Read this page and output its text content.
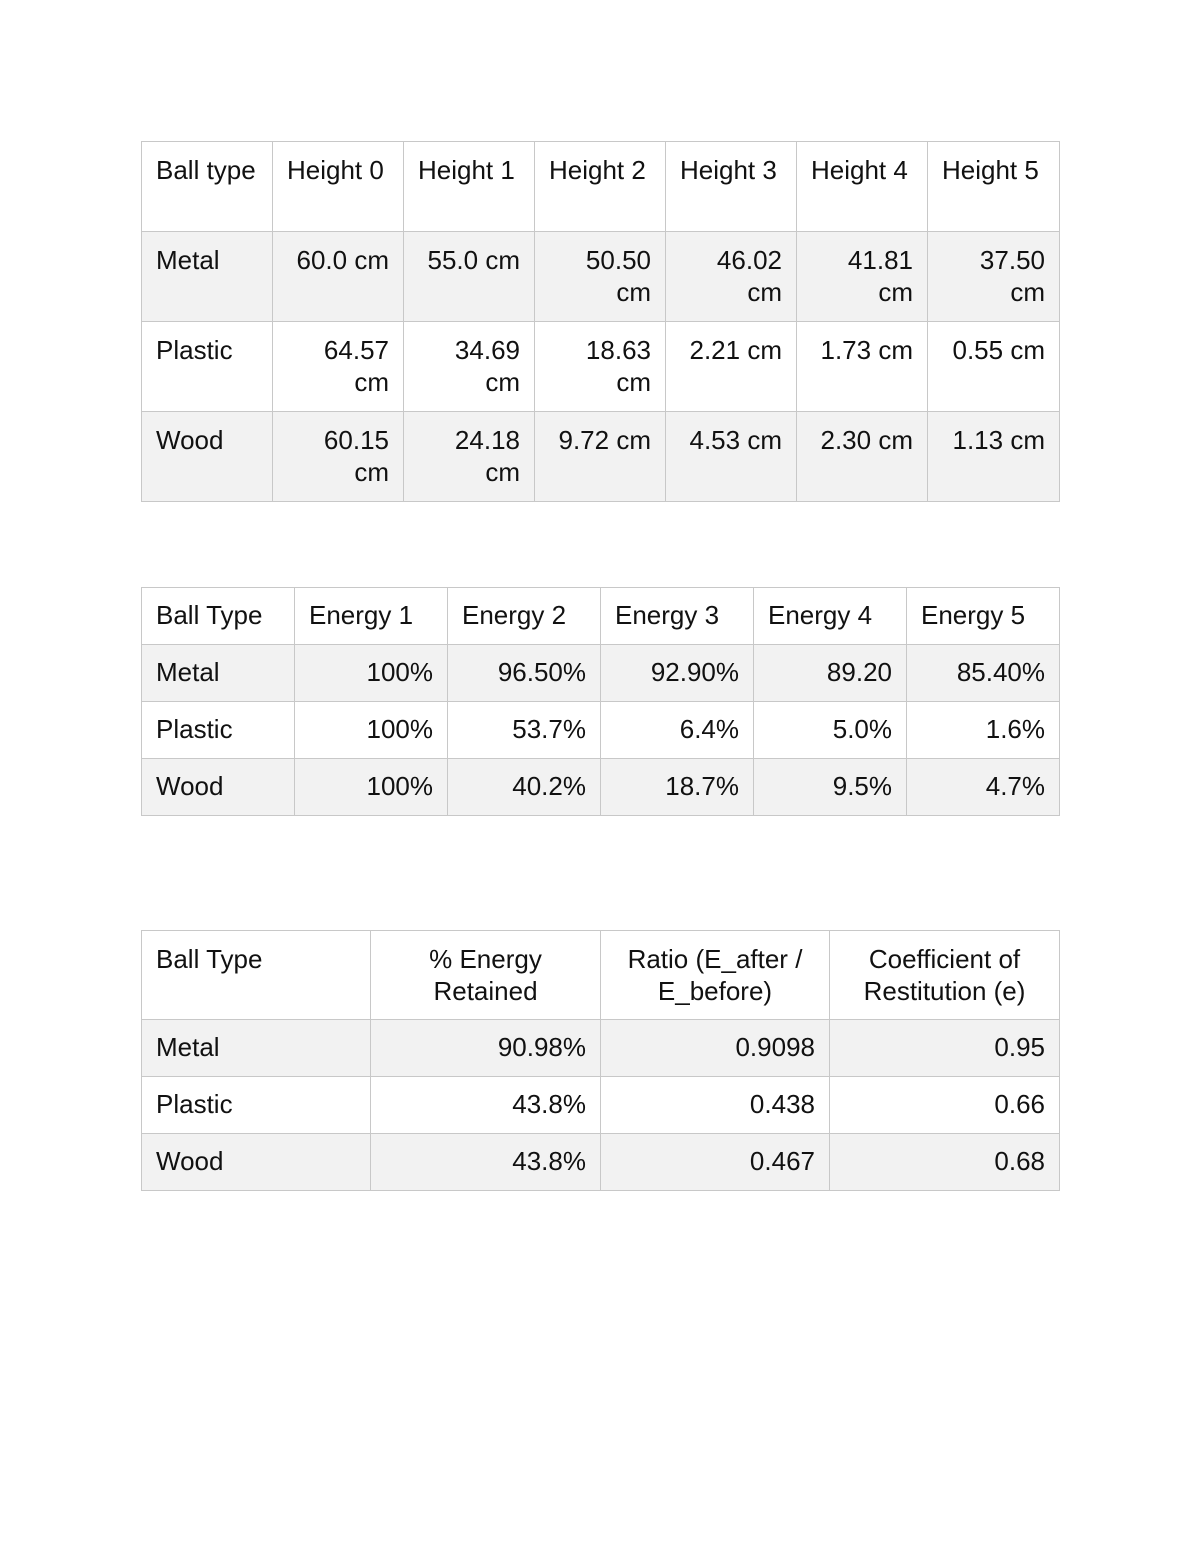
Ball type	Height 0	Height 1	Height 2	Height 3	Height 4	Height 5
Metal	60.0 cm	55.0 cm	50.50 cm	46.02 cm	41.81 cm	37.50 cm
Plastic	64.57 cm	34.69 cm	18.63 cm	2.21 cm	1.73 cm	0.55 cm
Wood	60.15 cm	24.18 cm	9.72 cm	4.53 cm	2.30 cm	1.13 cm
Ball Type	Energy 1	Energy 2	Energy 3	Energy 4	Energy 5
Metal	100%	96.50%	92.90%	89.20	85.40%
Plastic	100%	53.7%	6.4%	5.0%	1.6%
Wood	100%	40.2%	18.7%	9.5%	4.7%
Ball Type	% Energy Retained	Ratio (E_after / E_before)	Coefficient of Restitution (e)
Metal	90.98%	0.9098	0.95
Plastic	43.8%	0.438	0.66
Wood	43.8%	0.467	0.68
